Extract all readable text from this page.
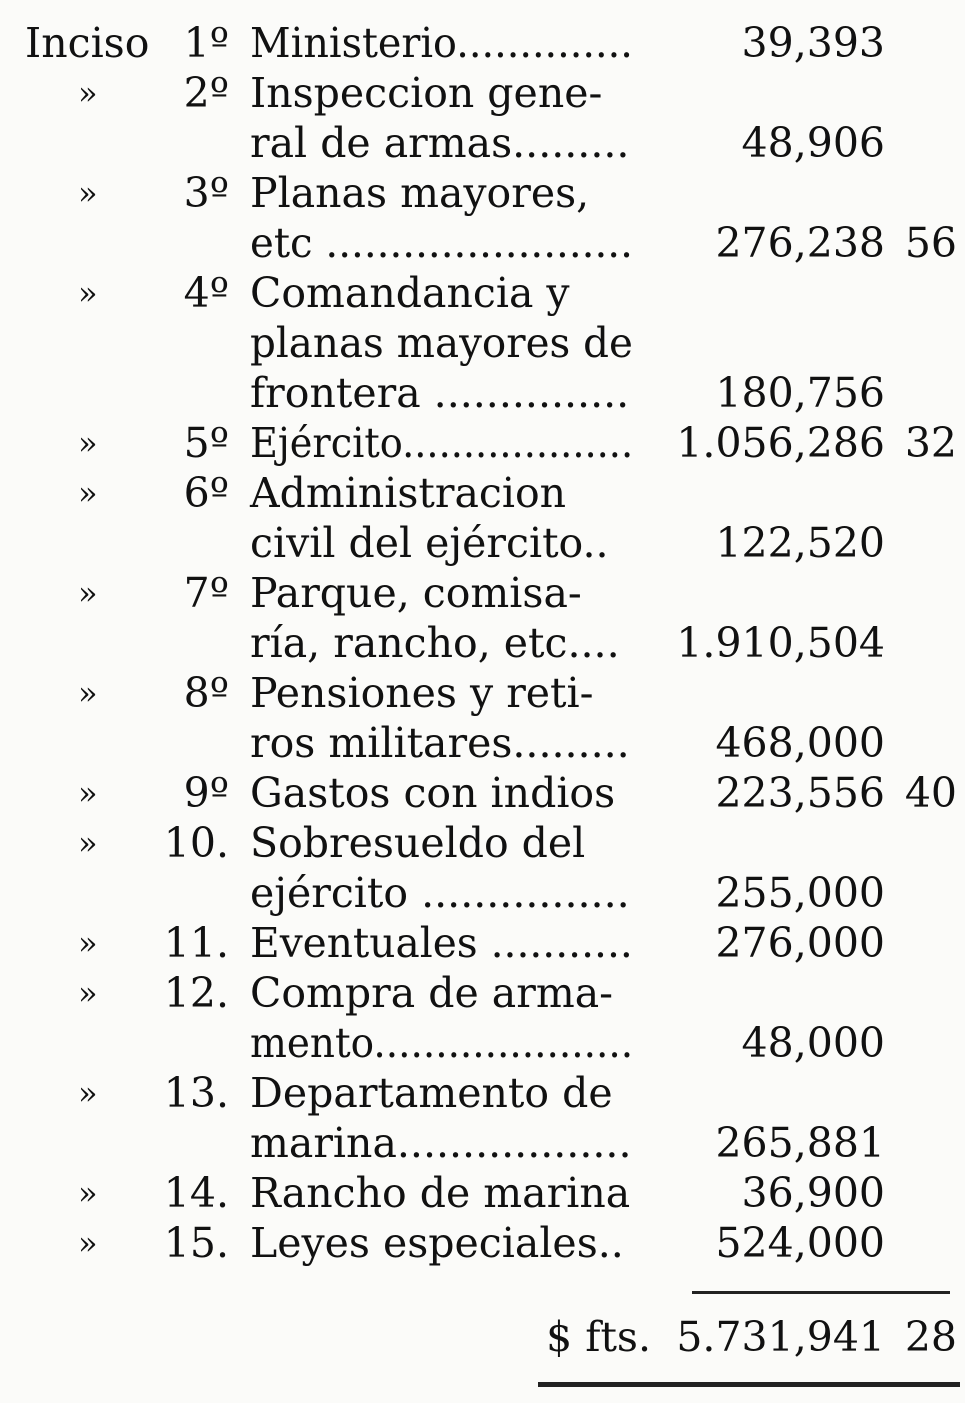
Inciso 1º Ministerio..............	39,393
» 2º Inspeccion gene-
ral de armas.........	48,906
» 3º Planas mayores,
etc ........................ 276,238 56
» 4º Comandancia y
planas mayores de
frontera ............... 180,756
» 5º Ejército................... 1.056,286 32
» 6º Administracion
civil del ejército..	122,520
» 7º Parque, comisa-
ría, rancho, etc.... 1.910,504
» 8º Pensiones y reti-
ros militares......... 468,000
» 9º Gastos con indios 223,556 40
» 10. Sobresueldo del
ejército ................ 255,000
» 11. Eventuales ........... 276,000
» 12. Compra de arma-
mento.....................	48,000
» 13. Departamento de
marina.................. 265,881
» 14. Rancho de marina	36,900
» 15. Leyes especiales.. 524,000
$ fts. 5.731,941 28
